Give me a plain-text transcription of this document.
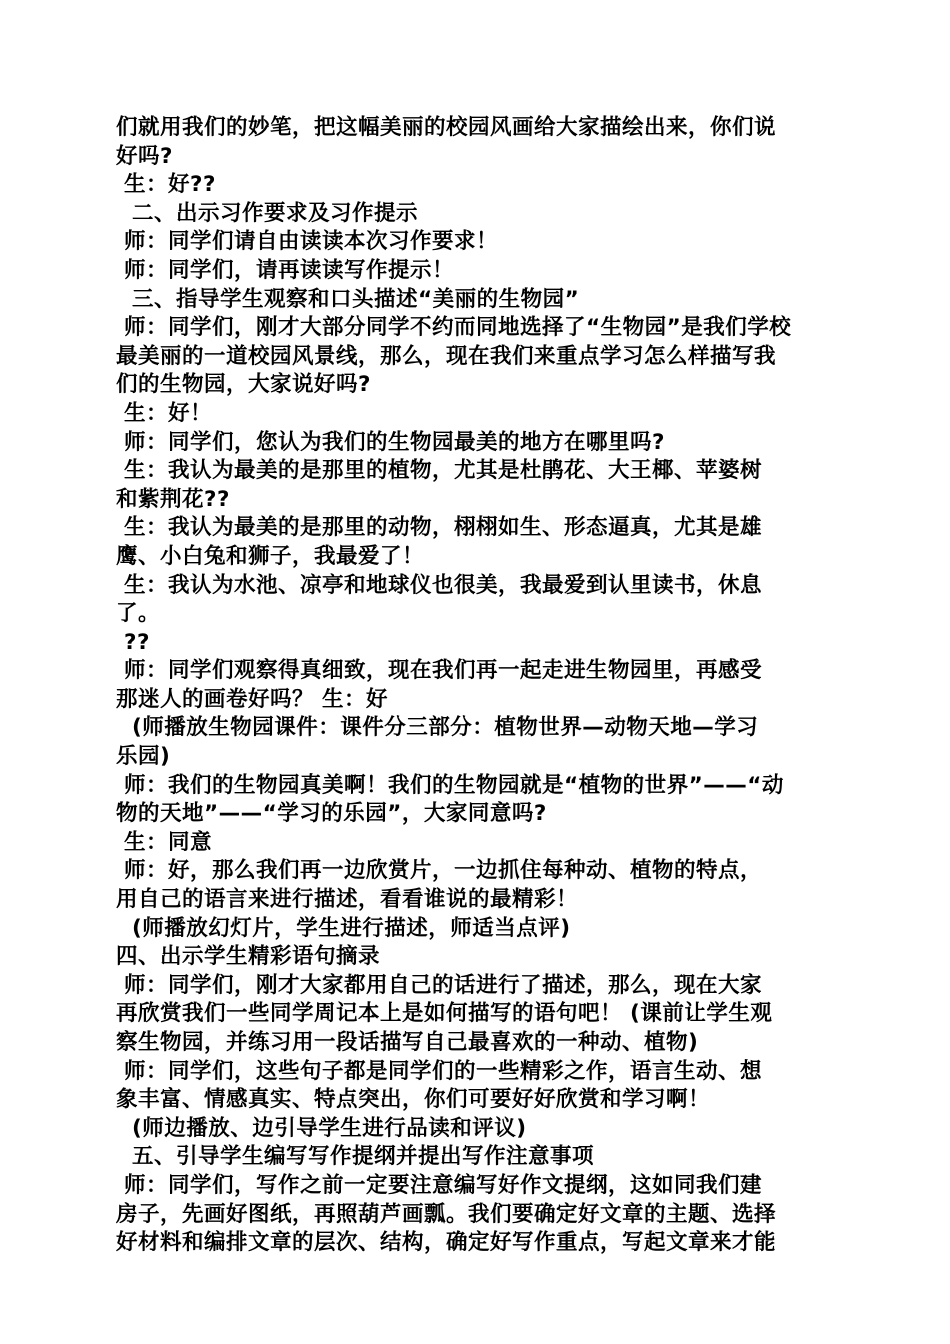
们就用我们的妙笔，把这幅美丽的校园风画给大家描绘出来，你们说
好吗?
生：好??
二、出示习作要求及习作提示
师：同学们请自由读读本次习作要求！
师：同学们，请再读读写作提示！
三、指导学生观察和口头描述“美丽的生物园”
师：同学们，刚才大部分同学不约而同地选择了“生物园”是我们学校
最美丽的一道校园风景线，那么，现在我们来重点学习怎么样描写我
们的生物园，大家说好吗?
生：好！
师：同学们，您认为我们的生物园最美的地方在哪里吗?
生：我认为最美的是那里的植物，尤其是杜鹃花、大王椰、苹婆树
和紫荆花??
生：我认为最美的是那里的动物，栩栩如生、形态逼真，尤其是雄
鹰、小白兔和狮子，我最爱了！
生：我认为水池、凉亭和地球仪也很美，我最爱到认里读书，休息
了。
??
师：同学们观察得真细致，现在我们再一起走进生物园里，再感受
那迷人的画卷好吗？ 生：好
(师播放生物园课件：课件分三部分：植物世界—动物天地—学习
乐园)
师：我们的生物园真美啊！我们的生物园就是“植物的世界”——“动
物的天地”——“学习的乐园”，大家同意吗?
生：同意
师：好，那么我们再一边欣赏片，一边抓住每种动、植物的特点，
用自己的语言来进行描述，看看谁说的最精彩！
(师播放幻灯片，学生进行描述，师适当点评)
四、出示学生精彩语句摘录
师：同学们，刚才大家都用自己的话进行了描述，那么，现在大家
再欣赏我们一些同学周记本上是如何描写的语句吧！ (课前让学生观
察生物园，并练习用一段话描写自己最喜欢的一种动、植物)
师：同学们，这些句子都是同学们的一些精彩之作，语言生动、想
象丰富、情感真实、特点突出，你们可要好好欣赏和学习啊！
(师边播放、边引导学生进行品读和评议)
五、引导学生编写写作提纲并提出写作注意事项
师：同学们，写作之前一定要注意编写好作文提纲，这如同我们建
房子，先画好图纸，再照葫芦画瓢。我们要确定好文章的主题、选择
好材料和编排文章的层次、结构，确定好写作重点，写起文章来才能
